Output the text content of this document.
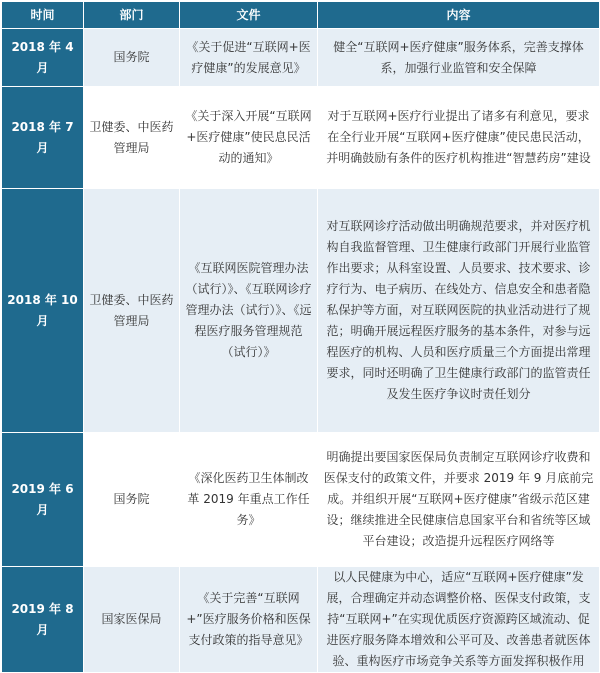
时间	部门	文件	内容
2018 年 4 月	国务院	《关于促进“互联网+医疗健康”的发展意见》	健全“互联网+医疗健康”服务体系，完善支撑体系，加强行业监管和安全保障
2018 年 7 月	卫健委、中医药管理局	《关于深入开展“互联网+医疗健康”使民息民活动的通知》	对于互联网+医疗行业提出了诸多有利意见，要求在全行业开展“互联网+医疗健康”使民患民活动，并明确鼓励有条件的医疗机构推进“智慧药房”建设
2018 年 10 月	卫健委、中医药管理局	《互联网医院管理办法（试行）》、《互联网诊疗管理办法（试行）》、《远程医疗服务管理规范（试行）》	对互联网诊疗活动做出明确规范要求，并对医疗机构自我监督管理、卫生健康行政部门开展行业监管作出要求；从科室设置、人员要求、技术要求、诊疗行为、电子病历、在线处方、信息安全和患者隐私保护等方面，对互联网医院的执业活动进行了规范；明确开展远程医疗服务的基本条件，对参与远程医疗的机构、人员和医疗质量三个方面提出常理要求，同时还明确了卫生健康行政部门的监管责任及发生医疗争议时责任划分
2019 年 6 月	国务院	《深化医药卫生体制改革 2019 年重点工作任务》	明确提出要国家医保局负责制定互联网诊疗收费和医保支付的政策文件，并要求 2019 年 9 月底前完成。并组织开展“互联网+医疗健康”省级示范区建设；继续推进全民健康信息国家平台和省统等区域平台建设；改造提升远程医疗网络等
2019 年 8 月	国家医保局	《关于完善“互联网+”医疗服务价格和医保支付政策的指导意见》	以人民健康为中心，适应“互联网+医疗健康”发展，合理确定并动态调整价格、医保支付政策，支持“互联网+”在实现优质医疗资源跨区域流动、促进医疗服务降本增效和公平可及、改善患者就医体验、重构医疗市场竞争关系等方面发挥积极作用
